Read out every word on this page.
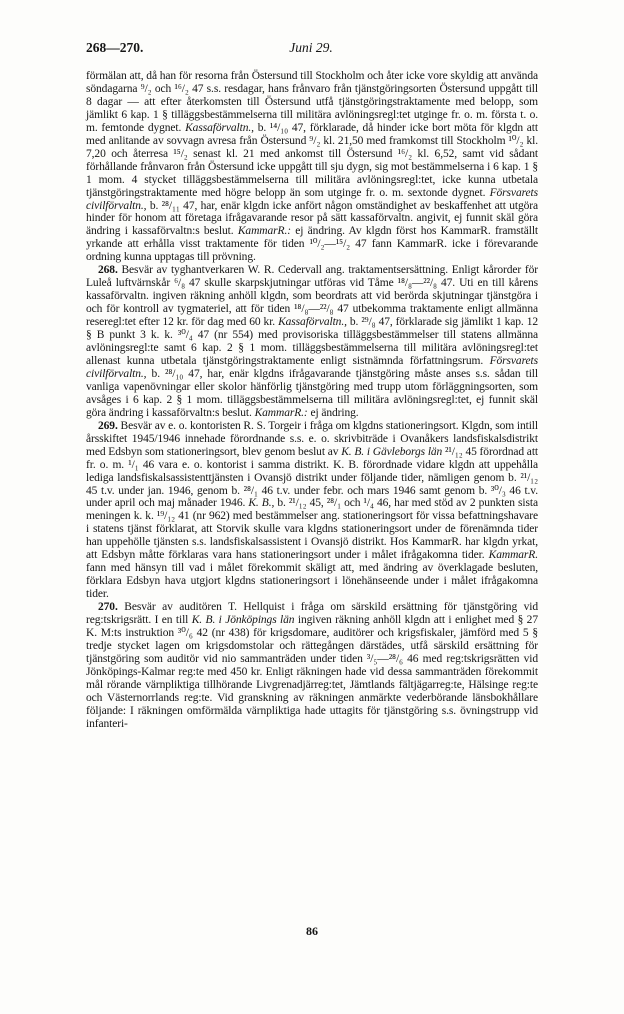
Juni 29.
268—270.

förmälan att, då han för resorna från Östersund till Stockholm och åter icke vore skyldig att använda söndagarna ⁹/₂ och ¹⁶/₂ 47 s.s. resdagar, hans frånvaro från tjänstgöringsorten Östersund uppgått till 8 dagar — att efter återkomsten till Östersund utfå tjänstgöringstraktamente med belopp, som jämlikt 6 kap. 1 § tilläggsbestämmelserna till militära avlöningsregl:tet utginge fr. o. m. första t. o. m. femtonde dygnet. Kassaförvaltn., b. ¹⁴/₁₀ 47, förklarade, då hinder icke bort möta för klgdn att med anlitande av sovvagn avresa från Östersund ⁹/₂ kl. 21,50 med framkomst till Stockholm ¹⁰/₂ kl. 7,20 och återresa ¹⁵/₂ senast kl. 21 med ankomst till Östersund ¹⁶/₂ kl. 6,52, samt vid sådant förhållande frånvaron från Östersund icke uppgått till sju dygn, sig mot bestämmelserna i 6 kap. 1 § 1 mom. 4 stycket tilläggsbestämmelserna till militära avlöningsregl:tet, icke kunna utbetala tjänstgöringstraktamente med högre belopp än som utginge fr. o. m. sextonde dygnet. Försvarets civilförvaltn., b. ²⁸/₁₁ 47, har, enär klgdn icke anfört någon omständighet av beskaffenhet att utgöra hinder för honom att företaga ifrågavarande resor på sätt kassaförvaltn. angivit, ej funnit skäl göra ändring i kassaförvaltn:s beslut. KammarR.: ej ändring. Av klgdn först hos KammarR. framställt yrkande att erhålla visst traktamente för tiden ¹⁰/₂—¹⁵/₂ 47 fann KammarR. icke i förevarande ordning kunna upptagas till prövning.

268. Besvär av tyghantverkaren W. R. Cedervall ang. traktamentsersättning. Enligt kårorder för Luleå luftvärnskår ⁶/₈ 47 skulle skarpskjutningar utföras vid Tåme ¹⁸/₈—²²/₈ 47. Uti en till kårens kassaförvaltn. ingiven räkning anhöll klgdn, som beordrats att vid berörda skjutningar tjänstgöra i och för kontroll av tygmateriel, att för tiden ¹⁸/₈—²²/₈ 47 utbekomma traktamente enligt allmänna reseregl:tet efter 12 kr. för dag med 60 kr. Kassaförvaltn., b. ²⁹/₈ 47, förklarade sig jämlikt 1 kap. 12 § B punkt 3 k. k. ³⁰/₄ 47 (nr 554) med provisoriska tilläggsbestämmelser till statens allmänna avlöningsregl:te samt 6 kap. 2 § 1 mom. tilläggsbestämmelserna till militära avlöningsregl:tet allenast kunna utbetala tjänstgöringstraktamente enligt sistnämnda författningsrum. Försvarets civilförvaltn., b. ²⁸/₁₀ 47, har, enär klgdns ifrågavarande tjänstgöring måste anses s.s. sådan till vanliga vapenövningar eller skolor hänförlig tjänstgöring med trupp utom förläggningsorten, som avsåges i 6 kap. 2 § 1 mom. tilläggsbestämmelserna till militära avlöningsregl:tet, ej funnit skäl göra ändring i kassaförvaltn:s beslut. KammarR.: ej ändring.

269. Besvär av e. o. kontoristen R. S. Torgeir i fråga om klgdns stationeringsort. Klgdn, som intill årsskiftet 1945/1946 innehade förordnande s.s. e. o. skrivbiträde i Ovanåkers landsfiskalsdistrikt med Edsbyn som stationeringsort, blev genom beslut av K. B. i Gävleborgs län ²¹/₁₂ 45 förordnad att fr. o. m. ¹/₁ 46 vara e. o. kontorist i samma distrikt. K. B. förordnade vidare klgdn att uppehålla lediga landsfiskalsassistenttjänsten i Ovansjö distrikt under följande tider, nämligen genom b. ²¹/₁₂ 45 t.v. under jan. 1946, genom b. ²⁸/₁ 46 t.v. under febr. och mars 1946 samt genom b. ³⁰/₃ 46 t.v. under april och maj månader 1946. K. B., b. ²¹/₁₂ 45, ²⁸/₁ och ¹/₄ 46, har med stöd av 2 punkten sista meningen k. k. ¹⁹/₁₂ 41 (nr 962) med bestämmelser ang. stationeringsort för vissa befattningshavare i statens tjänst förklarat, att Storvik skulle vara klgdns stationeringsort under de förenämnda tider han uppehölle tjänsten s.s. landsfiskalsassistent i Ovansjö distrikt. Hos KammarR. har klgdn yrkat, att Edsbyn måtte förklaras vara hans stationeringsort under i målet ifrågakomna tider. KammarR. fann med hänsyn till vad i målet förekommit skäligt att, med ändring av överklagade besluten, förklara Edsbyn hava utgjort klgdns stationeringsort i lönehänseende under i målet ifrågakomna tider.

270. Besvär av auditören T. Hellquist i fråga om särskild ersättning för tjänstgöring vid reg:tskrigsrätt. I en till K. B. i Jönköpings län ingiven räkning anhöll klgdn att i enlighet med § 27 K. M:ts instruktion ³⁰/₆ 42 (nr 438) för krigsdomare, auditörer och krigsfiskaler, jämförd med 5 § tredje stycket lagen om krigsdomstolar och rättegången därstädes, utfå särskild ersättning för tjänstgöring som auditör vid nio sammanträden under tiden ³/₅—²⁸/₆ 46 med reg:tskrigsrätten vid Jönköpings-Kalmar reg:te med 450 kr. Enligt räkningen hade vid dessa sammanträden förekommit mål rörande värnpliktiga tillhörande Livgrenadjärreg:tet, Jämtlands fältjägarreg:te, Hälsinge reg:te och Västernorrlands reg:te. Vid granskning av räkningen anmärkte vederbörande länsbokhållare följande: I räkningen omförmälda värnpliktiga hade uttagits för tjänstgöring s.s. övningstrupp vid infanteri-

86
